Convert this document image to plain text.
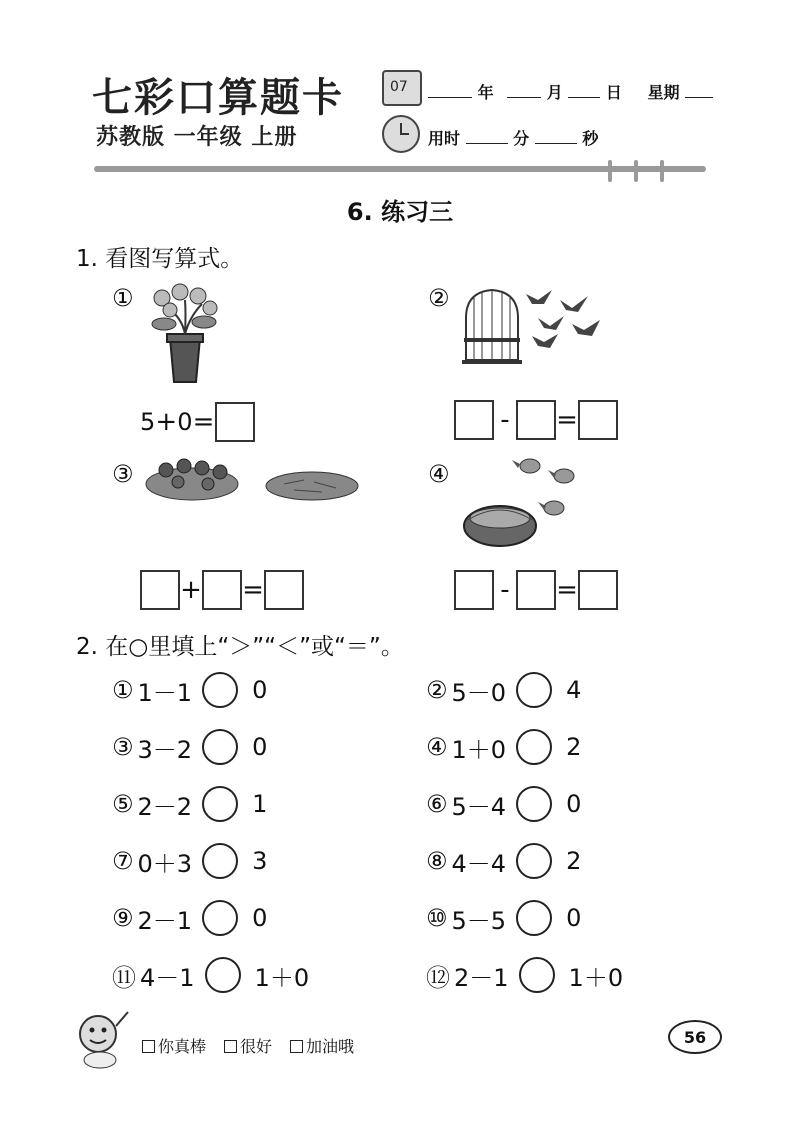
七彩口算题卡
苏教版 一年级 上册
07	年	月	日 星期
用时	分	秒
6. 练习三
1. 看图写算式。
①
5 + 0 =
②
- =
③
+ =
④
- =
2. 在○里填上“＞”“＜”或“＝”。
① 1－1	0	② 5－0	4
③ 3－2	0	④ 1＋0	2
⑤ 2－2	1	⑥ 5－4	0
⑦ 0＋3	3	⑧ 4－4	2
⑨ 2－1	0	⑩ 5－5	0
⑪ 4－1	1＋0	⑫ 2－1	1＋0
你真棒	很好	加油哦	56
